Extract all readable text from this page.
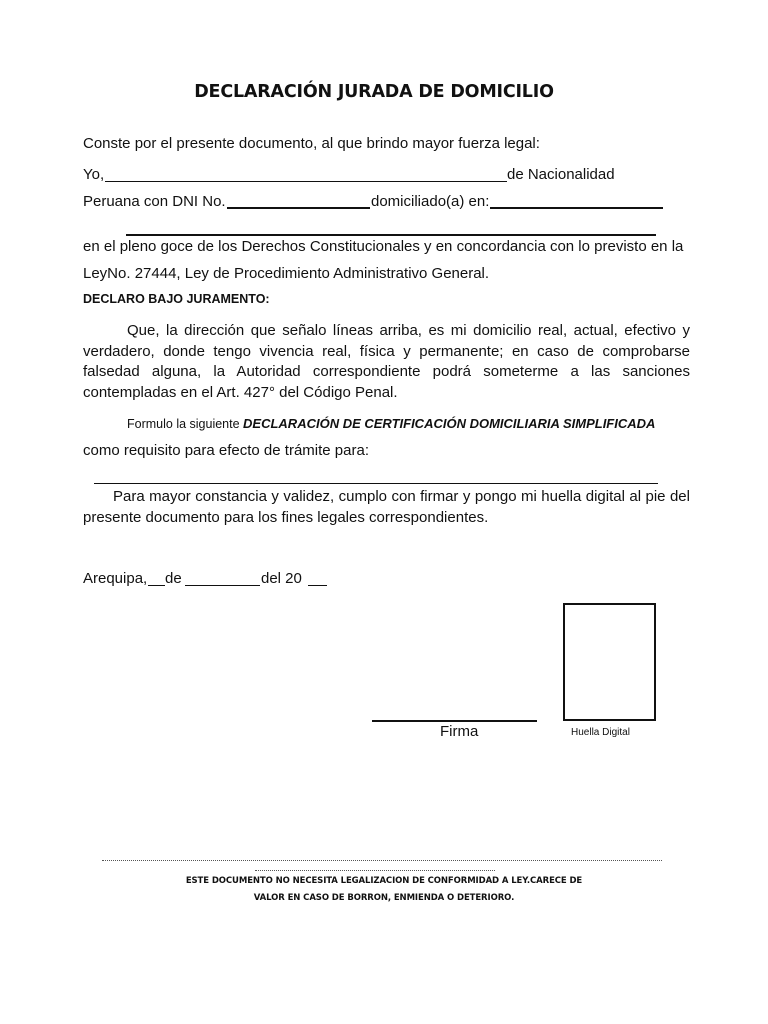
DECLARACIÓN JURADA DE DOMICILIO
Conste por el presente documento, al que brindo mayor fuerza legal:
Yo,	de Nacionalidad
Peruana con DNI No.	domiciliado(a) en:
en el pleno goce de los Derechos Constitucionales y en concordancia con lo previsto en la
LeyNo. 27444, Ley de Procedimiento Administrativo General.
DECLARO BAJO JURAMENTO:
Que, la dirección que señalo líneas arriba, es mi domicilio real, actual, efectivo y verdadero, donde tengo vivencia real, física y permanente; en caso de comprobarse falsedad alguna, la Autoridad correspondiente podrá someterme a las sanciones contempladas en el Art. 427° del Código Penal.
Formulo la siguiente DECLARACIÓN DE CERTIFICACIÓN DOMICILIARIA SIMPLIFICADA
como requisito para efecto de trámite para:
Para mayor constancia y validez, cumplo con firmar y pongo mi huella digital al pie del presente documento para los fines legales correspondientes.
Arequipa, de	del 20
Firma	Huella Digital
ESTE DOCUMENTO NO NECESITA LEGALIZACION DE CONFORMIDAD A LEY.CARECE DE
VALOR EN CASO DE BORRON, ENMIENDA O DETERIORO.
